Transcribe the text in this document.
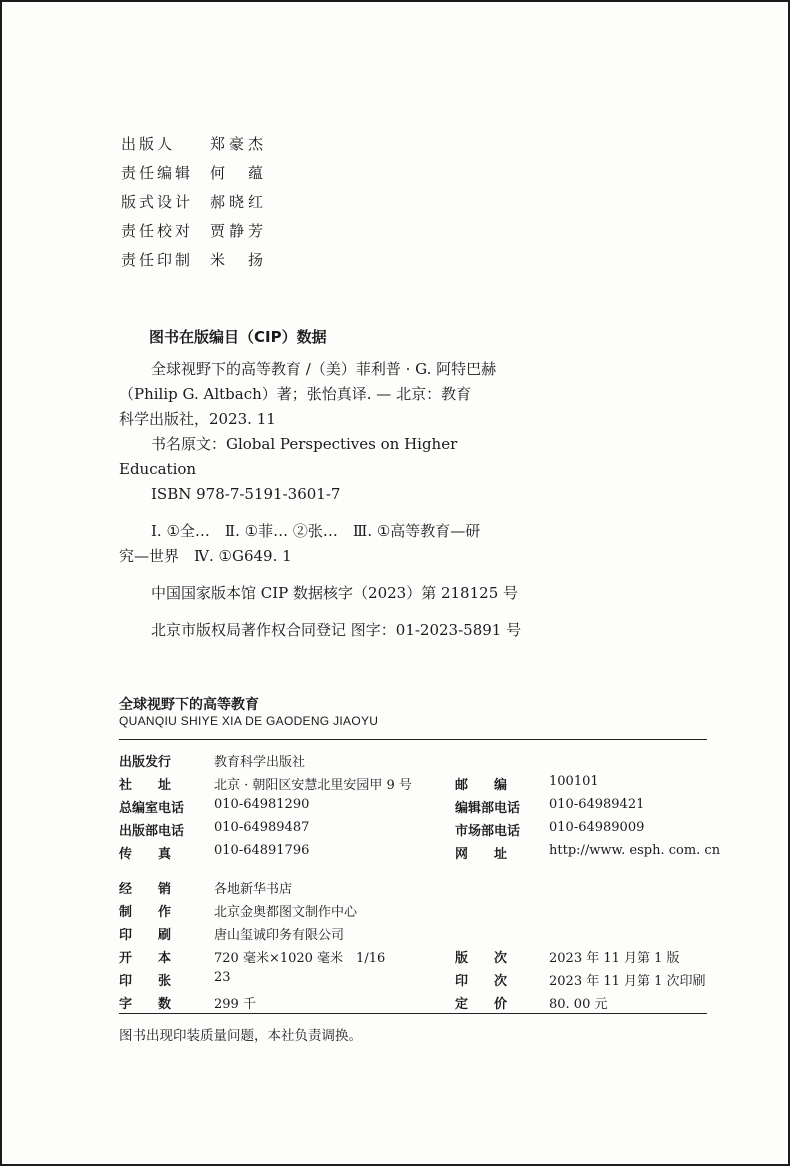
出版人	郑豪杰
责任编辑	何　蕴
版式设计	郝晓红
责任校对	贾静芳
责任印制	米　扬
图书在版编目（CIP）数据
全球视野下的高等教育 /（美）菲利普 · G. 阿特巴赫
（Philip G. Altbach）著；张怡真译. — 北京：教育
科学出版社，2023. 11
书名原文：Global Perspectives on Higher
Education
ISBN 978-7-5191-3601-7
Ⅰ. ①全…　Ⅱ. ①菲… ②张…　Ⅲ. ①高等教育—研
究—世界　Ⅳ. ①G649. 1
中国国家版本馆 CIP 数据核字（2023）第 218125 号
北京市版权局著作权合同登记 图字：01-2023-5891 号
全球视野下的高等教育
QUANQIU SHIYE XIA DE GAODENG JIAOYU
出版发行	教育科学出版社
社　　址	北京 · 朝阳区安慧北里安园甲 9 号	邮　　编	100101
总编室电话	010-64981290	编辑部电话	010-64989421
出版部电话	010-64989487	市场部电话	010-64989009
传　　真	010-64891796	网　　址	http://www. esph. com. cn
经　　销	各地新华书店
制　　作	北京金奥都图文制作中心
印　　刷	唐山玺诚印务有限公司
开　　本	720 毫米×1020 毫米　1/16	版　　次	2023 年 11 月第 1 版
印　　张	23	印　　次	2023 年 11 月第 1 次印刷
字　　数	299 千	定　　价	80. 00 元
图书出现印装质量问题，本社负责调换。
